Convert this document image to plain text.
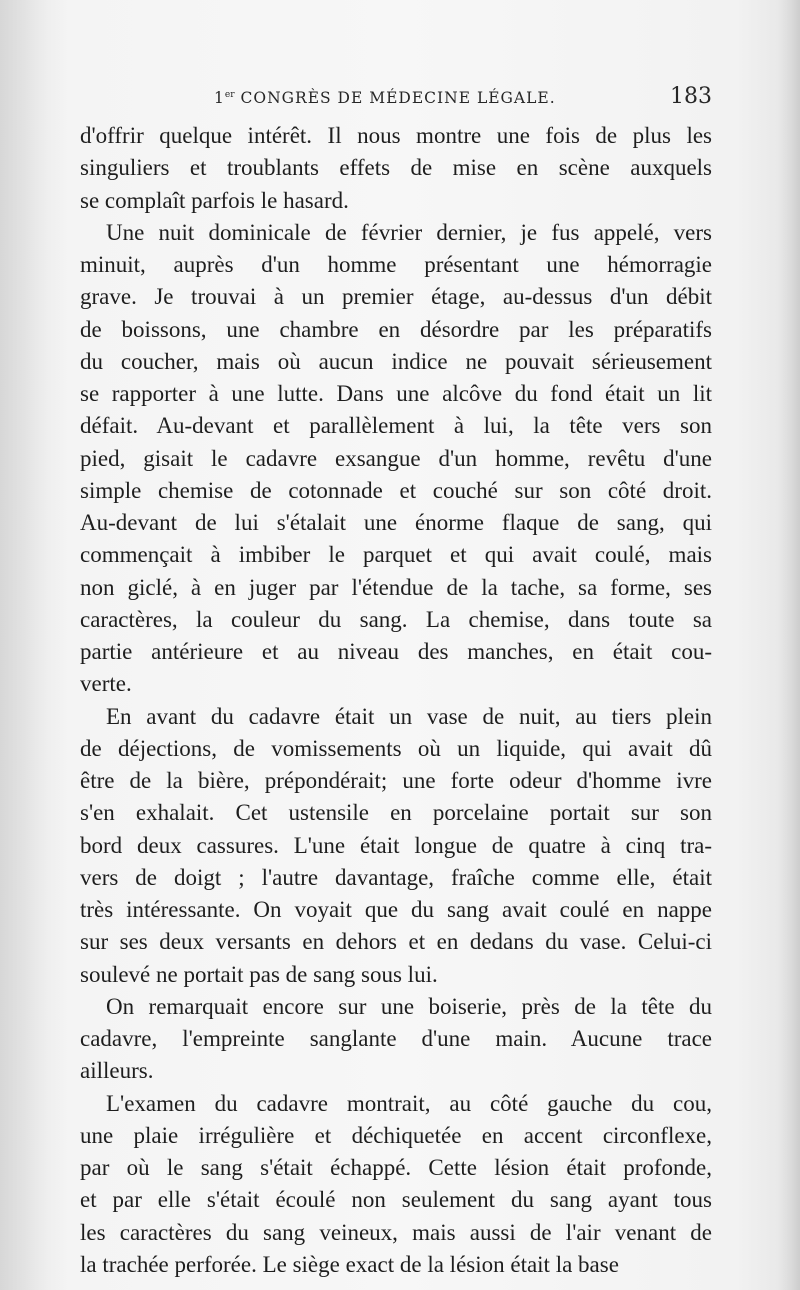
1er CONGRÈS DE MÉDECINE LÉGALE.	183
d'offrir quelque intérêt. Il nous montre une fois de plus les
singuliers et troublants effets de mise en scène auxquels
se complaît parfois le hasard.
Une nuit dominicale de février dernier, je fus appelé, vers
minuit, auprès d'un homme présentant une hémorragie
grave. Je trouvai à un premier étage, au-dessus d'un débit
de boissons, une chambre en désordre par les préparatifs
du coucher, mais où aucun indice ne pouvait sérieusement
se rapporter à une lutte. Dans une alcôve du fond était un lit
défait. Au-devant et parallèlement à lui, la tête vers son
pied, gisait le cadavre exsangue d'un homme, revêtu d'une
simple chemise de cotonnade et couché sur son côté droit.
Au-devant de lui s'étalait une énorme flaque de sang, qui
commençait à imbiber le parquet et qui avait coulé, mais
non giclé, à en juger par l'étendue de la tache, sa forme, ses
caractères, la couleur du sang. La chemise, dans toute sa
partie antérieure et au niveau des manches, en était cou-
verte.
En avant du cadavre était un vase de nuit, au tiers plein
de déjections, de vomissements où un liquide, qui avait dû
être de la bière, prépondérait; une forte odeur d'homme ivre
s'en exhalait. Cet ustensile en porcelaine portait sur son
bord deux cassures. L'une était longue de quatre à cinq tra-
vers de doigt ; l'autre davantage, fraîche comme elle, était
très intéressante. On voyait que du sang avait coulé en nappe
sur ses deux versants en dehors et en dedans du vase. Celui-ci
soulevé ne portait pas de sang sous lui.
On remarquait encore sur une boiserie, près de la tête du
cadavre, l'empreinte sanglante d'une main. Aucune trace
ailleurs.
L'examen du cadavre montrait, au côté gauche du cou,
une plaie irrégulière et déchiquetée en accent circonflexe,
par où le sang s'était échappé. Cette lésion était profonde,
et par elle s'était écoulé non seulement du sang ayant tous
les caractères du sang veineux, mais aussi de l'air venant de
la trachée perforée. Le siège exact de la lésion était la base
